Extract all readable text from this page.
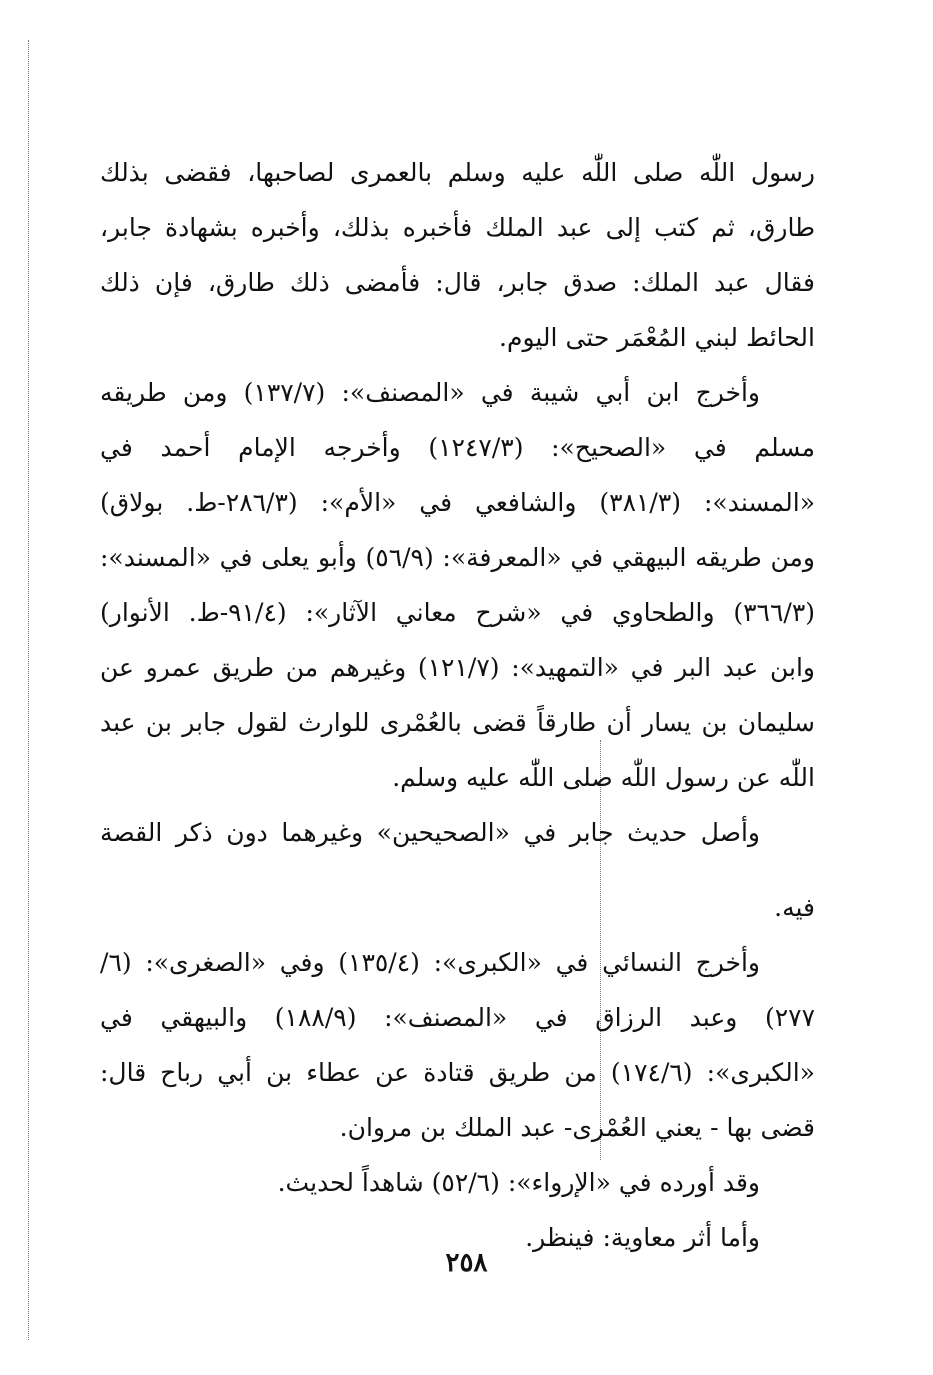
رسول اللّٰه صلى اللّٰه عليه وسلم بالعمرى لصاحبها، فقضى بذلك
طارق، ثم كتب إلى عبد الملك فأخبره بذلك، وأخبره بشهادة جابر،
فقال عبد الملك: صدق جابر، قال: فأمضى ذلك طارق، فإن ذلك
الحائط لبني المُعْمَر حتى اليوم.
وأخرج ابن أبي شيبة في «المصنف»: (١٣٧/٧) ومن طريقه
مسلم في «الصحيح»: (١٢٤٧/٣) وأخرجه الإمام أحمد في
«المسند»: (٣٨١/٣) والشافعي في «الأم»: (٢٨٦/٣-ط. بولاق)
ومن طريقه البيهقي في «المعرفة»: (٥٦/٩) وأبو يعلى في «المسند»:
(٣٦٦/٣) والطحاوي في «شرح معاني الآثار»: (٩١/٤-ط. الأنوار)
وابن عبد البر في «التمهيد»: (١٢١/٧) وغيرهم من طريق عمرو عن
سليمان بن يسار أن طارقاً قضى بالعُمْرى للوارث لقول جابر بن عبد
اللّٰه عن رسول اللّٰه صلى اللّٰه عليه وسلم.
وأصل حديث جابر في «الصحيحين» وغيرهما دون ذكر القصة
فيه.
وأخرج النسائي في «الكبرى»: (١٣٥/٤) وفي «الصغرى»: (٦/
٢٧٧) وعبد الرزاق في «المصنف»: (١٨٨/٩) والبيهقي في
«الكبرى»: (١٧٤/٦) من طريق قتادة عن عطاء بن أبي رباح قال:
قضى بها - يعني العُمْرى- عبد الملك بن مروان.
وقد أورده في «الإرواء»: (٥٢/٦) شاهداً لحديث.
وأما أثر معاوية: فينظر.
٢٥٨
